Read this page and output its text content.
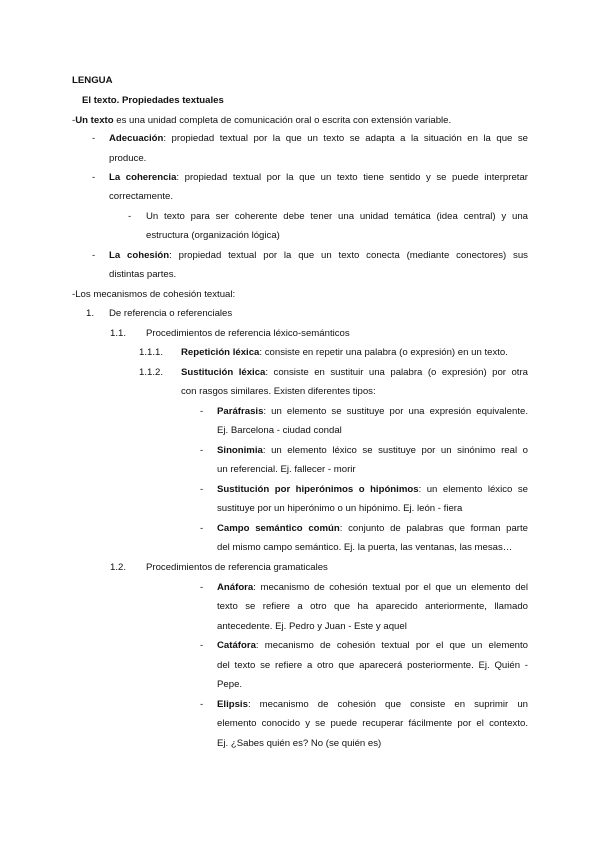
LENGUA
El texto. Propiedades textuales
-Un texto es una unidad completa de comunicación oral o escrita con extensión variable.
- Adecuación: propiedad textual por la que un texto se adapta a la situación en la que se
produce.
- La coherencia: propiedad textual por la que un texto tiene sentido y se puede interpretar
correctamente.
- Un texto para ser coherente debe tener una unidad temática (idea central) y una
estructura (organización lógica)
- La cohesión: propiedad textual por la que un texto conecta (mediante conectores) sus
distintas partes.
-Los mecanismos de cohesión textual:
1. De referencia o referenciales
1.1. Procedimientos de referencia léxico-semánticos
1.1.1. Repetición léxica: consiste en repetir una palabra (o expresión) en un texto.
1.1.2. Sustitución léxica: consiste en sustituir una palabra (o expresión) por otra
con rasgos similares. Existen diferentes tipos:
- Paráfrasis: un elemento se sustituye por una expresión equivalente.
Ej. Barcelona - ciudad condal
- Sinonimia: un elemento léxico se sustituye por un sinónimo real o
un referencial. Ej. fallecer - morir
- Sustitución por hiperónimos o hipónimos: un elemento léxico se
sustituye por un hiperónimo o un hipónimo. Ej. león - fiera
- Campo semántico común: conjunto de palabras que forman parte
del mismo campo semántico. Ej. la puerta, las ventanas, las mesas…
1.2. Procedimientos de referencia gramaticales
- Anáfora: mecanismo de cohesión textual por el que un elemento del
texto se refiere a otro que ha aparecido anteriormente, llamado
antecedente. Ej. Pedro y Juan - Este y aquel
- Catáfora: mecanismo de cohesión textual por el que un elemento
del texto se refiere a otro que aparecerá posteriormente. Ej. Quién -
Pepe.
- Elipsis: mecanismo de cohesión que consiste en suprimir un
elemento conocido y se puede recuperar fácilmente por el contexto.
Ej. ¿Sabes quién es? No (se quién es)
